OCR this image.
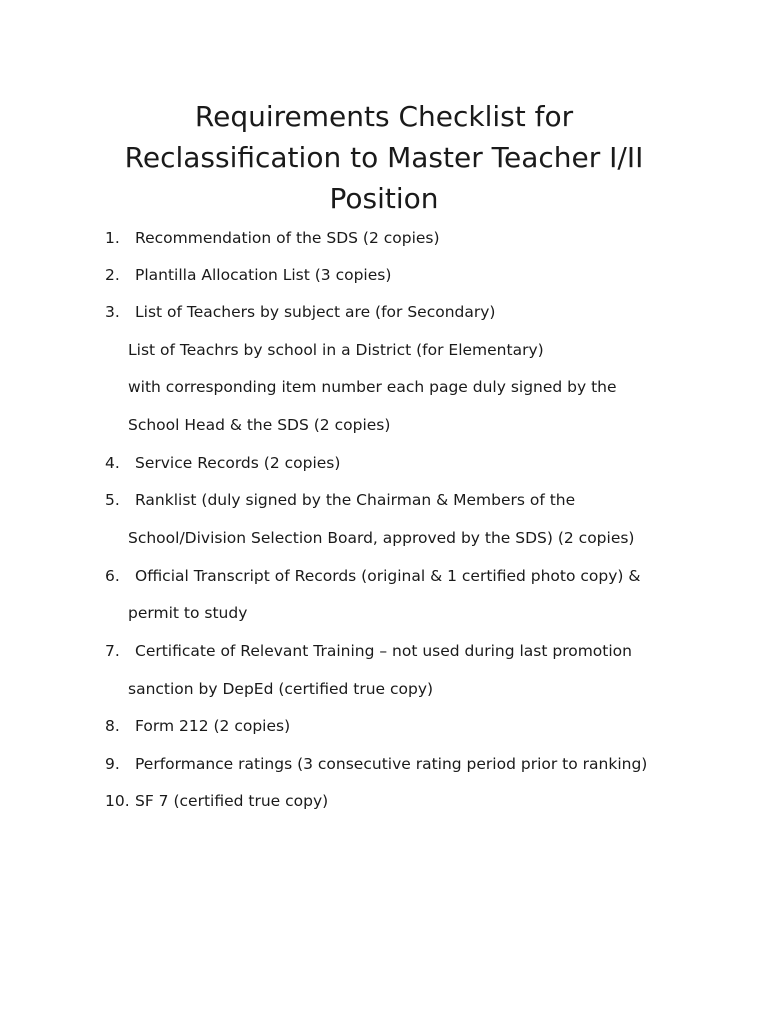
Requirements Checklist for
Reclassification to Master Teacher I/II
Position
1. Recommendation of the SDS (2 copies)
2. Plantilla Allocation List (3 copies)
3. List of Teachers by subject are (for Secondary)
List of Teachrs by school in a District (for Elementary)
with corresponding item number each page duly signed by the
School Head & the SDS (2 copies)
4. Service Records (2 copies)
5. Ranklist (duly signed by the Chairman & Members of the
School/Division Selection Board, approved by the SDS) (2 copies)
6. Official Transcript of Records (original & 1 certified photo copy) &
permit to study
7. Certificate of Relevant Training – not used during last promotion
sanction by DepEd (certified true copy)
8. Form 212 (2 copies)
9. Performance ratings (3 consecutive rating period prior to ranking)
10. SF 7 (certified true copy)
